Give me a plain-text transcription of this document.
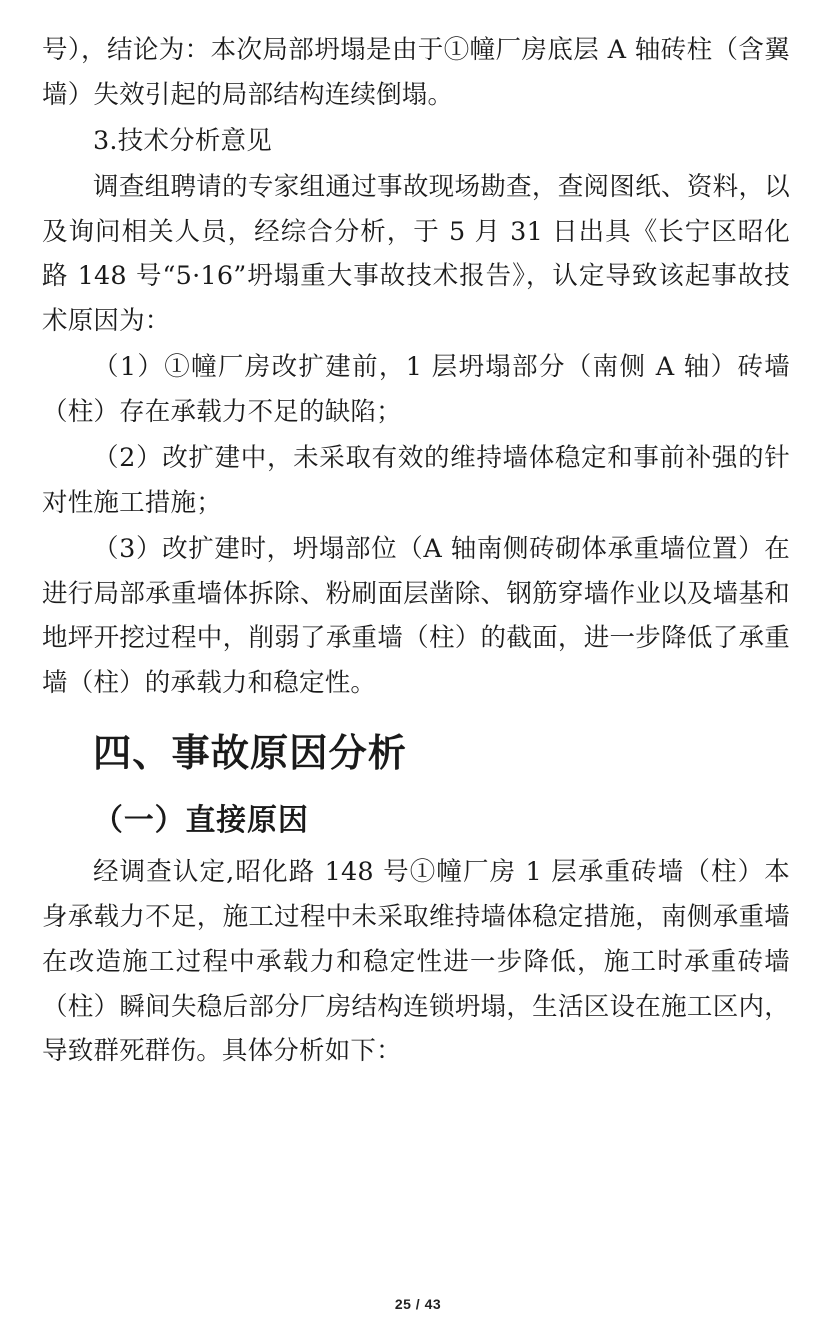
号），结论为：本次局部坍塌是由于①幢厂房底层 A 轴砖柱（含翼墙）失效引起的局部结构连续倒塌。

3.技术分析意见

调查组聘请的专家组通过事故现场勘查，查阅图纸、资料，以及询问相关人员，经综合分析，于 5 月 31 日出具《长宁区昭化路 148 号“5·16”坍塌重大事故技术报告》，认定导致该起事故技术原因为：

（1）①幢厂房改扩建前，1 层坍塌部分（南侧 A 轴）砖墙（柱）存在承载力不足的缺陷；

（2）改扩建中，未采取有效的维持墙体稳定和事前补强的针对性施工措施；

（3）改扩建时，坍塌部位（A 轴南侧砖砌体承重墙位置）在进行局部承重墙体拆除、粉刷面层凿除、钢筋穿墙作业以及墙基和地坪开挖过程中，削弱了承重墙（柱）的截面，进一步降低了承重墙（柱）的承载力和稳定性。

四、事故原因分析
（一）直接原因

经调查认定,昭化路 148 号①幢厂房 1 层承重砖墙（柱）本身承载力不足，施工过程中未采取维持墙体稳定措施，南侧承重墙在改造施工过程中承载力和稳定性进一步降低，施工时承重砖墙（柱）瞬间失稳后部分厂房结构连锁坍塌，生活区设在施工区内，导致群死群伤。具体分析如下：

25 / 43
